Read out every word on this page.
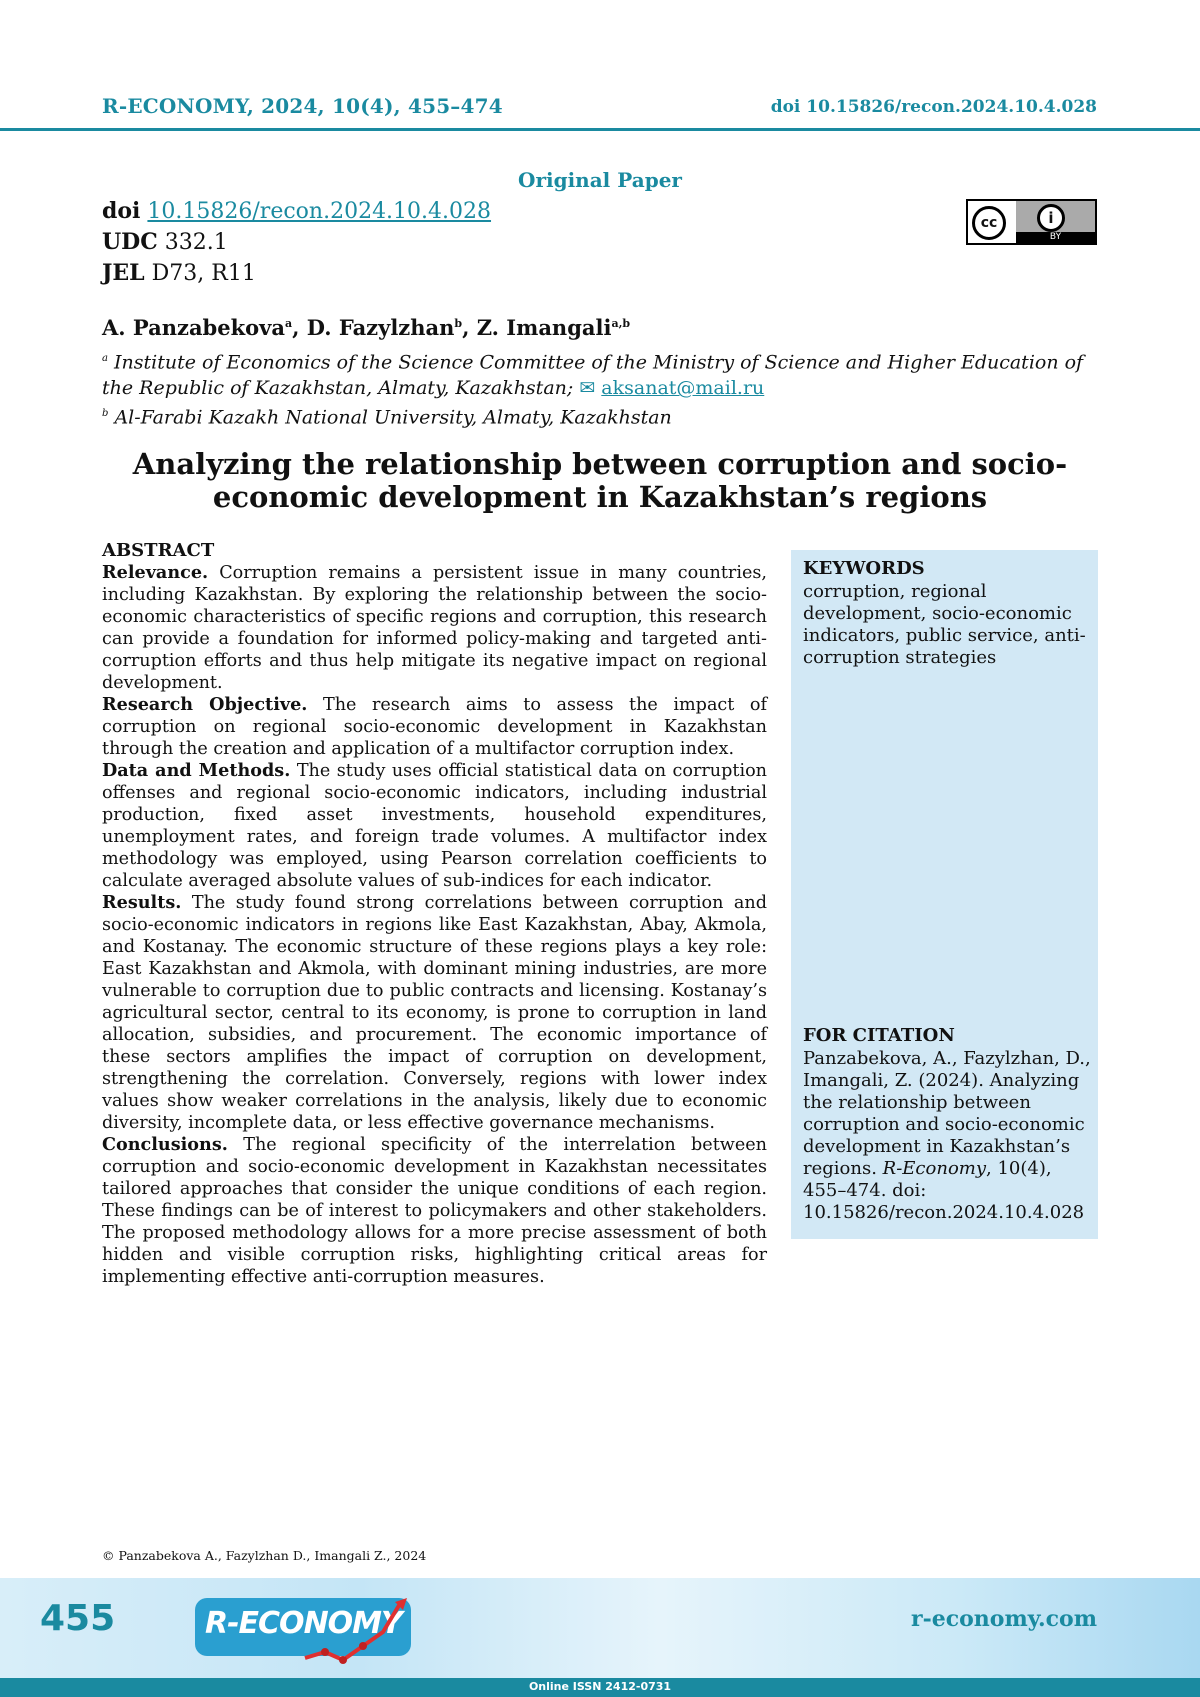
R-ECONOMY, 2024, 10(4), 455–474	doi 10.15826/recon.2024.10.4.028
Original Paper
doi 10.15826/recon.2024.10.4.028
UDC 332.1
JEL D73, R11
cc	i
BY
A. Panzabekova$^a$, D. Fazylzhan$^b$, Z. Imangali$^{a,b}$
$^a$ Institute of Economics of the Science Committee of the Ministry of Science and Higher Education of the Republic of Kazakhstan, Almaty, Kazakhstan; ✉ aksanat@mail.ru
$^b$ Al-Farabi Kazakh National University, Almaty, Kazakhstan
Analyzing the relationship between corruption and socio-economic development in Kazakhstan’s regions
ABSTRACT

Relevance. Corruption remains a persistent issue in many countries, including Kazakhstan. By exploring the relationship between the socio-economic characteristics of specific regions and corruption, this research can provide a foundation for informed policy-making and targeted anti-corruption efforts and thus help mitigate its negative impact on regional development.

Research Objective. The research aims to assess the impact of corruption on regional socio-economic development in Kazakhstan through the creation and application of a multifactor corruption index.

Data and Methods. The study uses official statistical data on corruption offenses and regional socio-economic indicators, including industrial production, fixed asset investments, household expenditures, unemployment rates, and foreign trade volumes. A multifactor index methodology was employed, using Pearson correlation coefficients to calculate averaged absolute values of sub-indices for each indicator.

Results. The study found strong correlations between corruption and socio-economic indicators in regions like East Kazakhstan, Abay, Akmola, and Kostanay. The economic structure of these regions plays a key role: East Kazakhstan and Akmola, with dominant mining industries, are more vulnerable to corruption due to public contracts and licensing. Kostanay’s agricultural sector, central to its economy, is prone to corruption in land allocation, subsidies, and procurement. The economic importance of these sectors amplifies the impact of corruption on development, strengthening the correlation. Conversely, regions with lower index values show weaker correlations in the analysis, likely due to economic diversity, incomplete data, or less effective governance mechanisms.

Conclusions. The regional specificity of the interrelation between corruption and socio-economic development in Kazakhstan necessitates tailored approaches that consider the unique conditions of each region. These findings can be of interest to policymakers and other stakeholders. The proposed methodology allows for a more precise assessment of both hidden and visible corruption risks, highlighting critical areas for implementing effective anti-corruption measures.

KEYWORDS
corruption, regional development, socio-economic indicators, public service, anti-corruption strategies
FOR CITATION
Panzabekova, A., Fazylzhan, D., Imangali, Z. (2024). Analyzing the relationship between corruption and socio-economic development in Kazakhstan’s regions. R-Economy, 10(4), 455–474. doi: 10.15826/recon.2024.10.4.028
© Panzabekova A., Fazylzhan D., Imangali Z., 2024
455	R-ECONOMY	r-economy.com
Online ISSN 2412-0731
